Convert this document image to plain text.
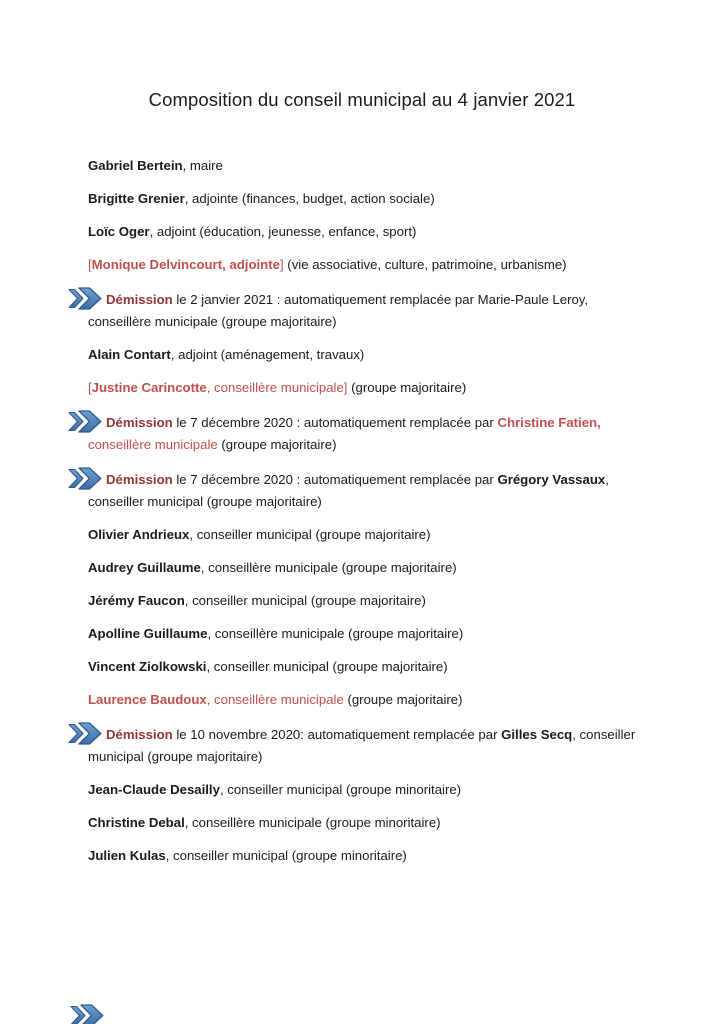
Composition du conseil municipal au 4 janvier 2021

Gabriel Bertein, maire

Brigitte Grenier, adjointe (finances, budget, action sociale)

Loïc Oger, adjoint (éducation, jeunesse, enfance, sport)

[Monique Delvincourt, adjointe] (vie associative, culture, patrimoine, urbanisme)

Démission le 2 janvier 2021 : automatiquement remplacée par Marie-Paule Leroy,
conseillère municipale (groupe majoritaire)

Alain Contart, adjoint (aménagement, travaux)

[Justine Carincotte, conseillère municipale] (groupe majoritaire)

Démission le 7 décembre 2020 : automatiquement remplacée par Christine Fatien,
conseillère municipale (groupe majoritaire)

Démission le 7 décembre 2020 : automatiquement remplacée par Grégory Vassaux,
conseiller municipal (groupe majoritaire)

Olivier Andrieux, conseiller municipal (groupe majoritaire)

Audrey Guillaume, conseillère municipale (groupe majoritaire)

Jérémy Faucon, conseiller municipal (groupe majoritaire)

Apolline Guillaume, conseillère municipale (groupe majoritaire)

Vincent Ziolkowski, conseiller municipal (groupe majoritaire)

Laurence Baudoux, conseillère municipale (groupe majoritaire)

Démission le 10 novembre 2020: automatiquement remplacée par Gilles Secq, conseiller
municipal (groupe majoritaire)

Jean-Claude Desailly, conseiller municipal (groupe minoritaire)

Christine Debal, conseillère municipale (groupe minoritaire)

Julien Kulas, conseiller municipal (groupe minoritaire)
